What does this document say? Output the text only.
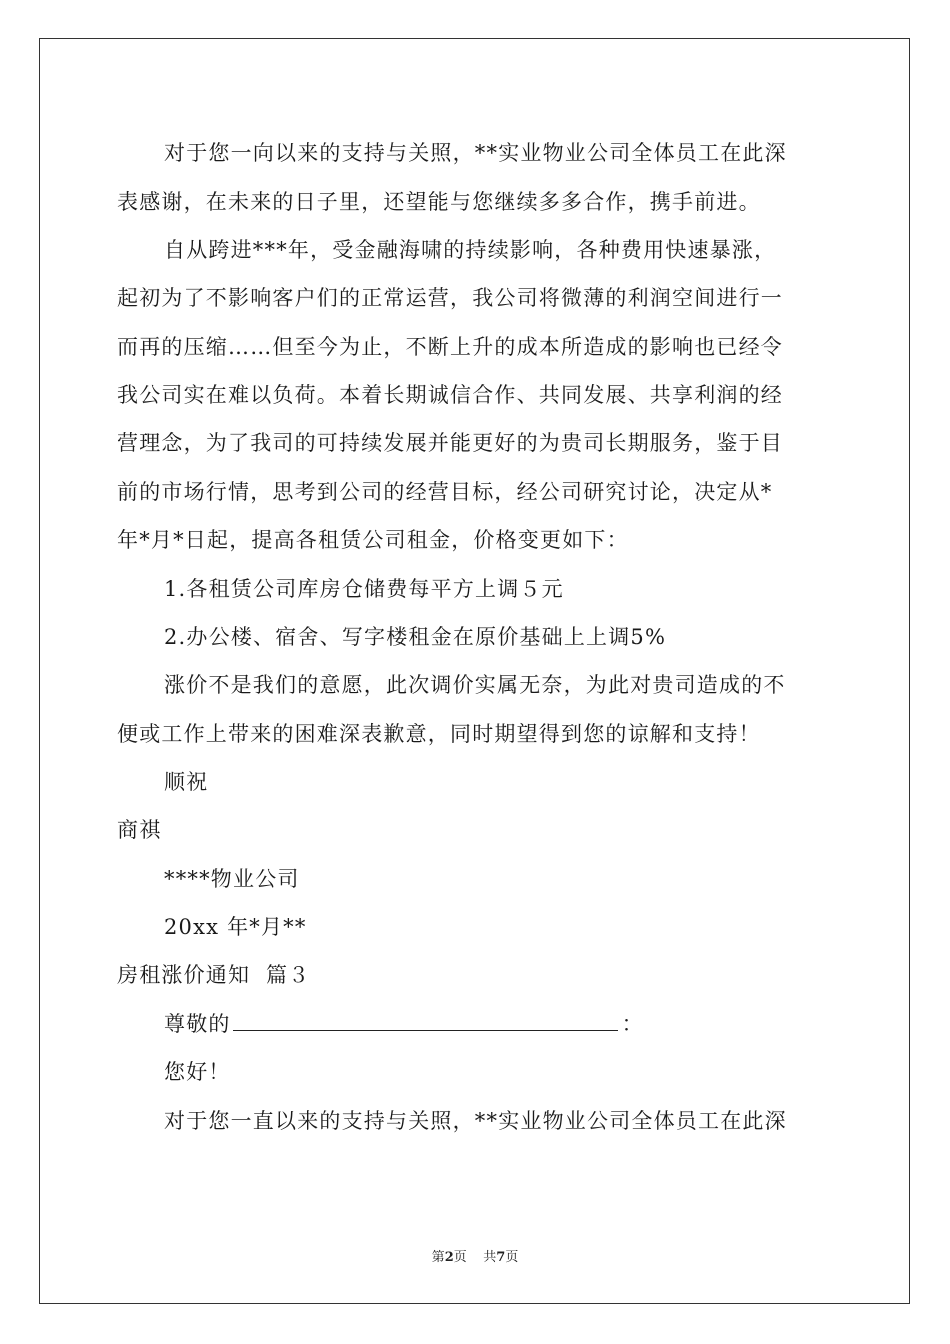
对于您一向以来的支持与关照，**实业物业公司全体员工在此深
表感谢，在未来的日子里，还望能与您继续多多合作，携手前进。
自从跨进***年，受金融海啸的持续影响，各种费用快速暴涨，
起初为了不影响客户们的正常运营，我公司将微薄的利润空间进行一
而再的压缩……但至今为止，不断上升的成本所造成的影响也已经令
我公司实在难以负荷。本着长期诚信合作、共同发展、共享利润的经
营理念，为了我司的可持续发展并能更好的为贵司长期服务，鉴于目
前的市场行情，思考到公司的经营目标，经公司研究讨论，决定从*
年*月*日起，提高各租赁公司租金，价格变更如下：
1.各租赁公司库房仓储费每平方上调５元
2.办公楼、宿舍、写字楼租金在原价基础上上调5%
涨价不是我们的意愿，此次调价实属无奈，为此对贵司造成的不
便或工作上带来的困难深表歉意，同时期望得到您的谅解和支持！
顺祝
商祺
****物业公司
20xx 年*月**
房租涨价通知  篇３
尊敬的	：
您好！
对于您一直以来的支持与关照，**实业物业公司全体员工在此深
第2页    共7页
